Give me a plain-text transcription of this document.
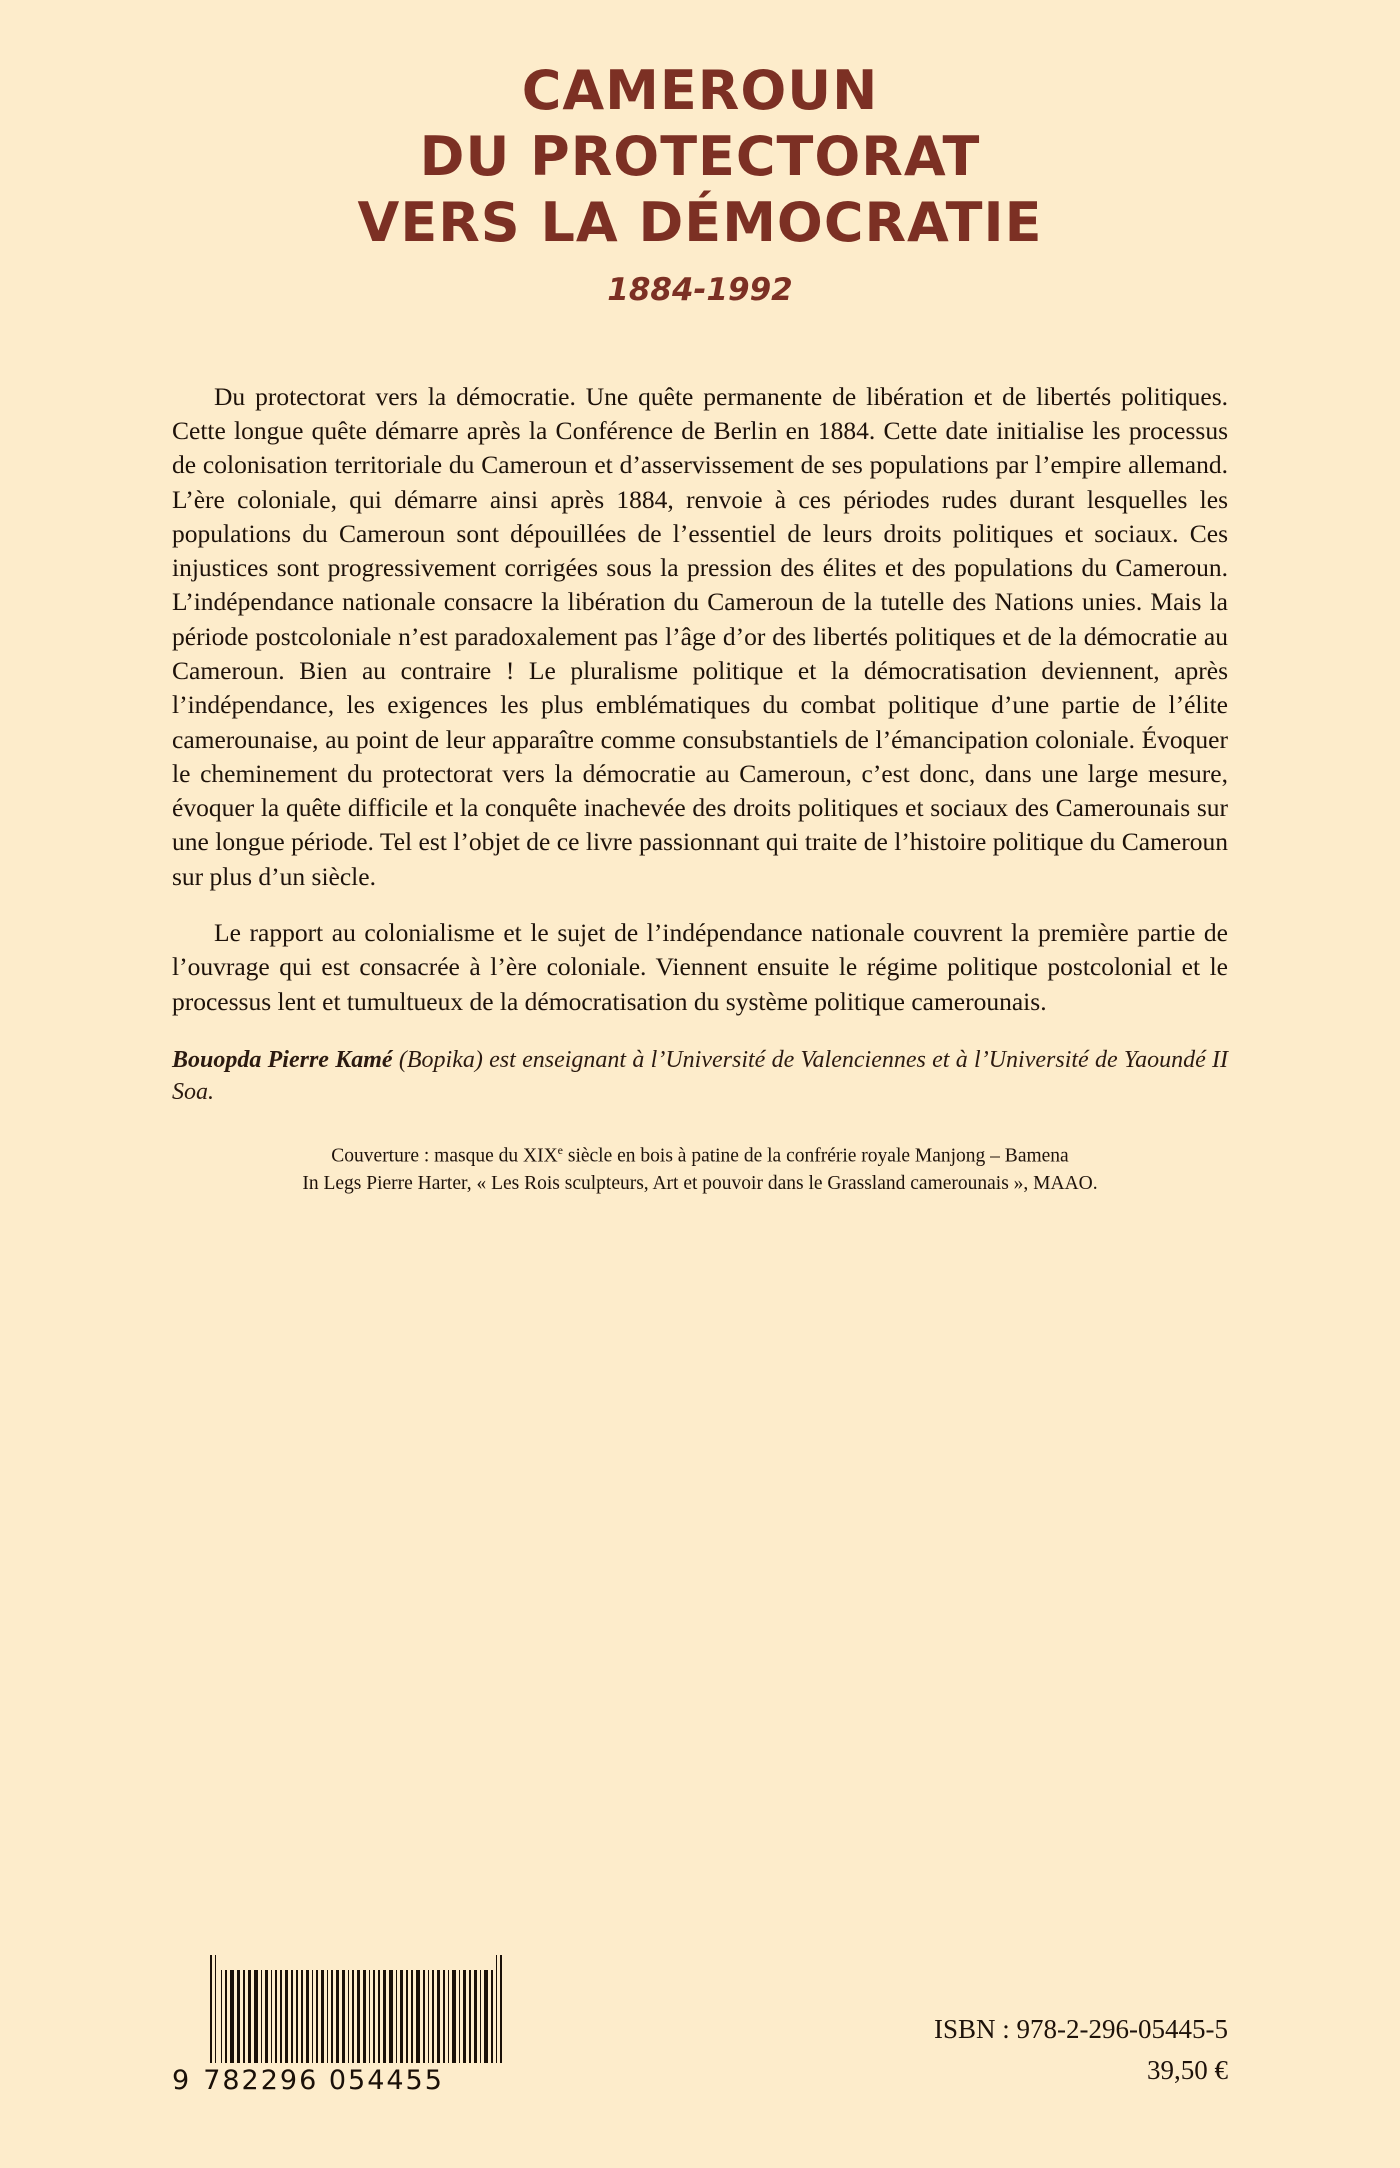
CAMEROUN
DU PROTECTORAT
VERS LA DÉMOCRATIE
1884-1992

Du protectorat vers la démocratie. Une quête permanente de libération et de libertés politiques. Cette longue quête démarre après la Conférence de Berlin en 1884. Cette date initialise les processus de colonisation territoriale du Cameroun et d’asservissement de ses populations par l’empire allemand. L’ère coloniale, qui démarre ainsi après 1884, renvoie à ces périodes rudes durant lesquelles les populations du Cameroun sont dépouillées de l’essentiel de leurs droits politiques et sociaux. Ces injustices sont progressivement corrigées sous la pression des élites et des populations du Cameroun. L’indépendance nationale consacre la libération du Cameroun de la tutelle des Nations unies. Mais la période postcoloniale n’est paradoxalement pas l’âge d’or des libertés politiques et de la démocratie au Cameroun. Bien au contraire ! Le pluralisme politique et la démocratisation deviennent, après l’indépendance, les exigences les plus emblématiques du combat politique d’une partie de l’élite camerounaise, au point de leur apparaître comme consubstantiels de l’émancipation coloniale. Évoquer le cheminement du protectorat vers la démocratie au Cameroun, c’est donc, dans une large mesure, évoquer la quête difficile et la conquête inachevée des droits politiques et sociaux des Camerounais sur une longue période. Tel est l’objet de ce livre passionnant qui traite de l’histoire politique du Cameroun sur plus d’un siècle.

Le rapport au colonialisme et le sujet de l’indépendance nationale couvrent la première partie de l’ouvrage qui est consacrée à l’ère coloniale. Viennent ensuite le régime politique postcolonial et le processus lent et tumultueux de la démocratisation du système politique camerounais.

Bouopda Pierre Kamé (Bopika) est enseignant à l’Université de Valenciennes et à l’Université de Yaoundé II Soa.
Couverture : masque du XIXe siècle en bois à patine de la confrérie royale Manjong – Bamena
In Legs Pierre Harter, « Les Rois sculpteurs, Art et pouvoir dans le Grassland camerounais », MAAO.
9 782296 054455
ISBN : 978-2-296-05445-5
39,50 €
